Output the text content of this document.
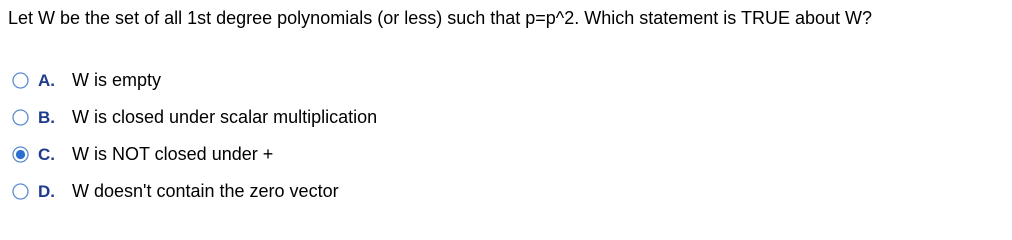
Let W be the set of all 1st degree polynomials (or less) such that p=p^2. Which statement is TRUE about W?
A. W is empty
B. W is closed under scalar multiplication
C. W is NOT closed under +
D. W doesn't contain the zero vector
